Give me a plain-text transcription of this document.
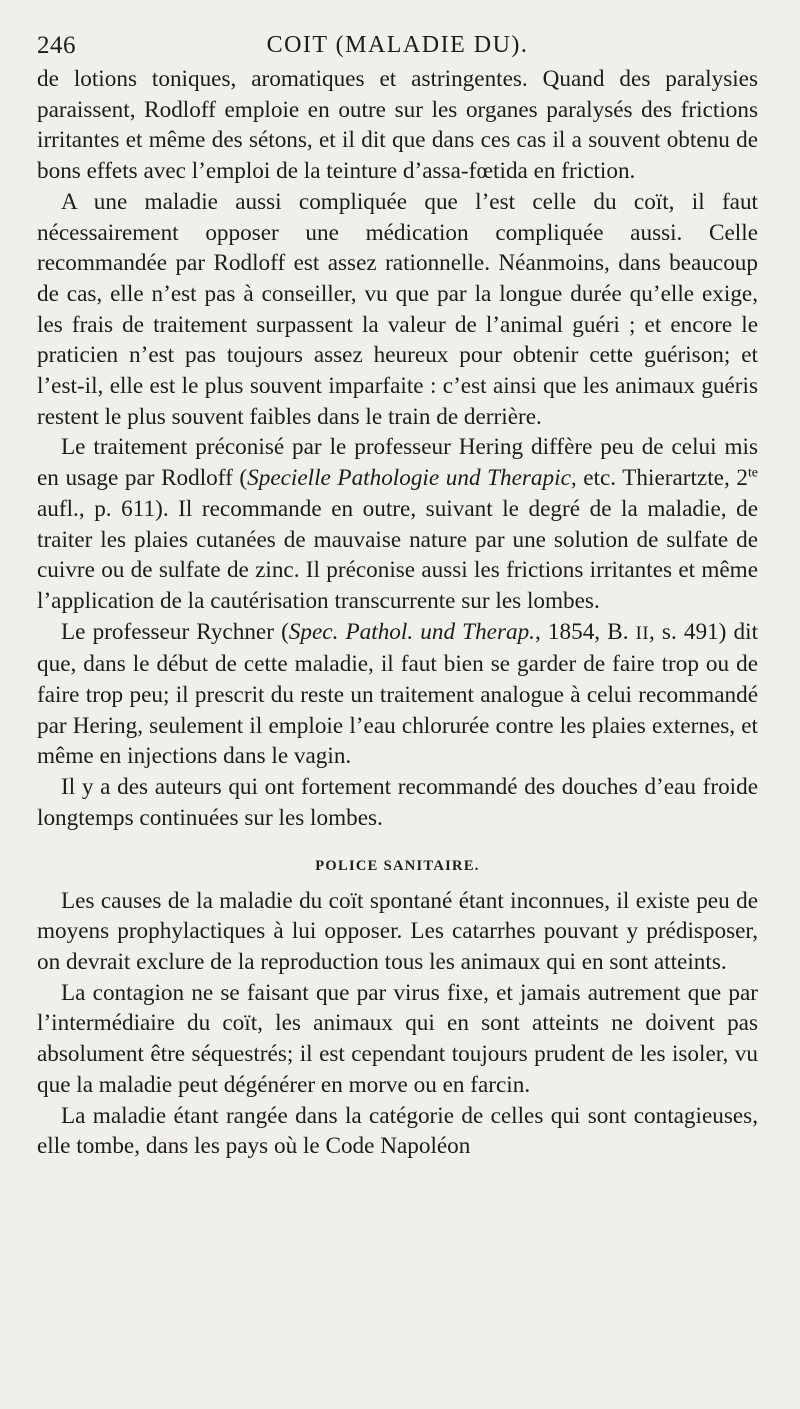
246	COIT (MALADIE DU).

de lotions toniques, aromatiques et astringentes. Quand des paralysies paraissent, Rodloff emploie en outre sur les organes paralysés des frictions irritantes et même des sétons, et il dit que dans ces cas il a souvent obtenu de bons effets avec l’emploi de la teinture d’assa-fœtida en friction.

A une maladie aussi compliquée que l’est celle du coït, il faut nécessairement opposer une médication compliquée aussi. Celle recommandée par Rodloff est assez rationnelle. Néanmoins, dans beaucoup de cas, elle n’est pas à conseiller, vu que par la longue durée qu’elle exige, les frais de traitement surpassent la valeur de l’animal guéri ; et encore le praticien n’est pas toujours assez heureux pour obtenir cette guérison; et l’est-il, elle est le plus souvent imparfaite : c’est ainsi que les animaux guéris restent le plus souvent faibles dans le train de derrière.

Le traitement préconisé par le professeur Hering diffère peu de celui mis en usage par Rodloff (Specielle Pathologie und Therapic, etc. Thierartzte, $2^{te}$ aufl., p. 611). Il recommande en outre, suivant le degré de la maladie, de traiter les plaies cutanées de mauvaise nature par une solution de sulfate de cuivre ou de sulfate de zinc. Il préconise aussi les frictions irritantes et même l’application de la cautérisation transcurrente sur les lombes.

Le professeur Rychner (Spec. Pathol. und Therap., 1854, B. II, s. 491) dit que, dans le début de cette maladie, il faut bien se garder de faire trop ou de faire trop peu; il prescrit du reste un traitement analogue à celui recommandé par Hering, seulement il emploie l’eau chlorurée contre les plaies externes, et même en injections dans le vagin.

Il y a des auteurs qui ont fortement recommandé des douches d’eau froide longtemps continuées sur les lombes.

POLICE SANITAIRE.

Les causes de la maladie du coït spontané étant inconnues, il existe peu de moyens prophylactiques à lui opposer. Les catarrhes pouvant y prédisposer, on devrait exclure de la reproduction tous les animaux qui en sont atteints.

La contagion ne se faisant que par virus fixe, et jamais autrement que par l’intermédiaire du coït, les animaux qui en sont atteints ne doivent pas absolument être séquestrés; il est cependant toujours prudent de les isoler, vu que la maladie peut dégénérer en morve ou en farcin.

La maladie étant rangée dans la catégorie de celles qui sont contagieuses, elle tombe, dans les pays où le Code Napoléon
